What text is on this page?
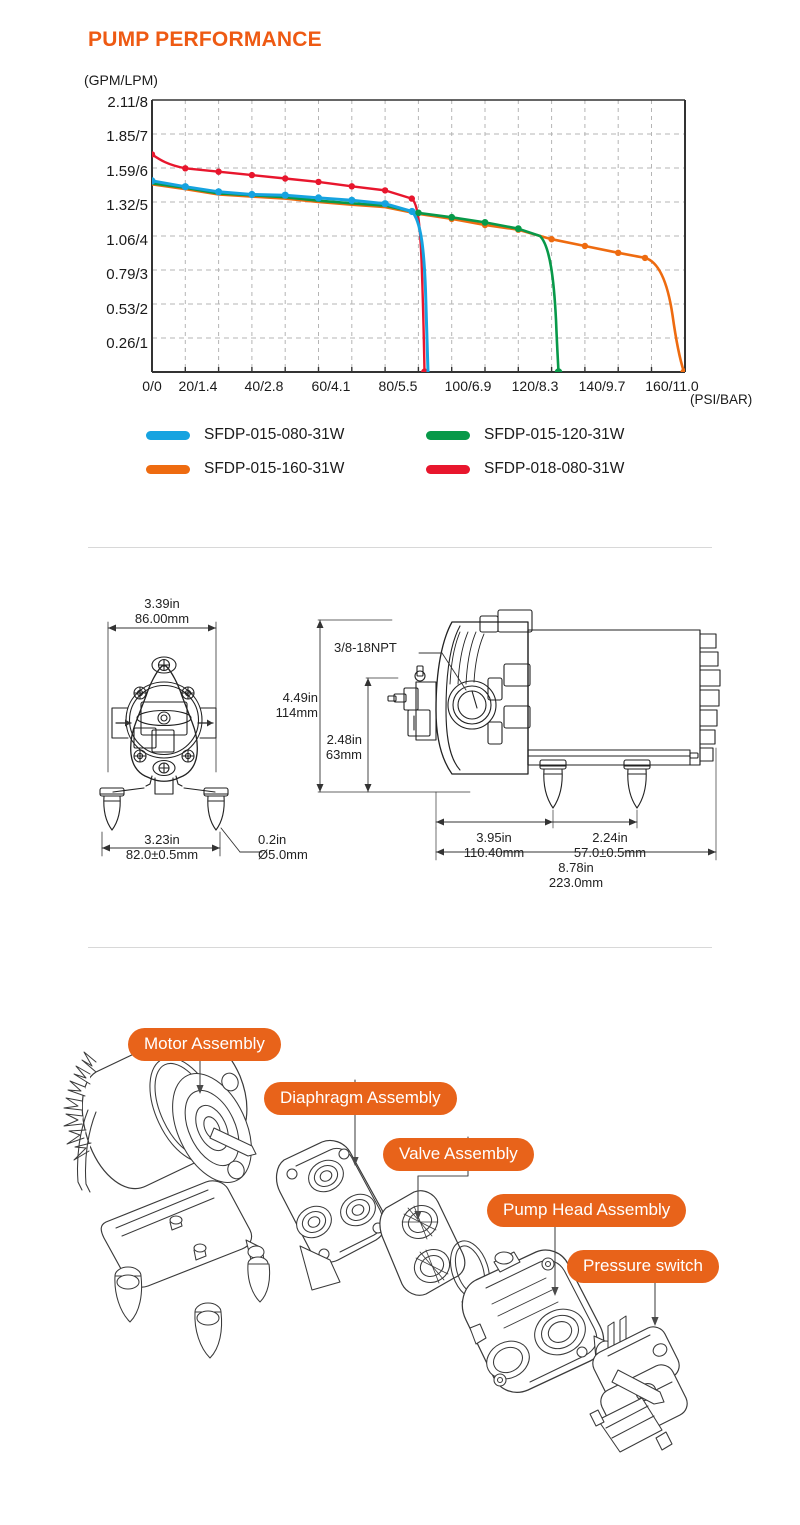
PUMP PERFORMANCE
(GPM/LPM)
(PSI/BAR)
2.11/8
1.85/7
1.59/6
1.32/5
1.06/4
0.79/3
0.53/2
0.26/1
0/0	20/1.4	40/2.8	60/4.1	80/5.5	100/6.9	120/8.3	140/9.7	160/11.0
SFDP-015-080-31W	SFDP-015-120-31W
SFDP-015-160-31W	SFDP-018-080-31W
3.39in
86.00mm
3.23in
82.0±0.5mm
0.2in
Ø5.0mm
3/8-18NPT
4.49in
114mm
2.48in
63mm
3.95in
110.40mm
2.24in
57.0±0.5mm
8.78in
223.0mm
Motor Assembly
Diaphragm Assembly
Valve Assembly
Pump Head Assembly
Pressure switch
